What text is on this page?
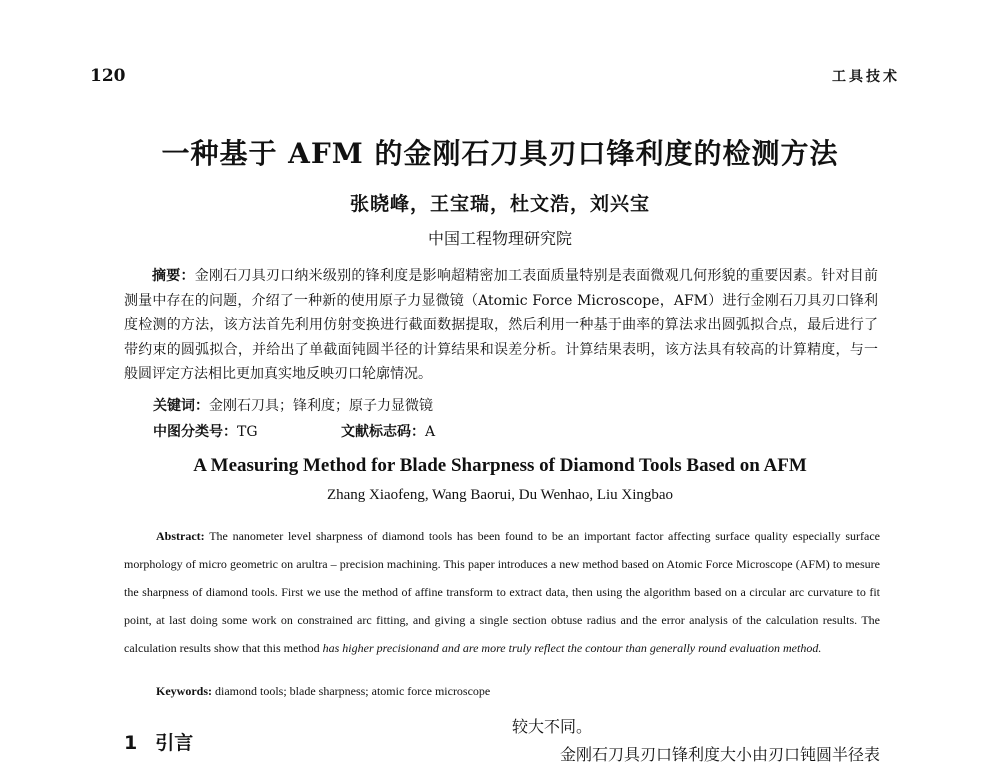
120	工具技术
一种基于 AFM 的金刚石刀具刃口锋利度的检测方法
张晓峰，王宝瑞，杜文浩，刘兴宝
中国工程物理研究院
摘要：金刚石刀具刃口纳米级别的锋利度是影响超精密加工表面质量特别是表面微观几何形貌的重要因素。针对目前测量中存在的问题，介绍了一种新的使用原子力显微镜（Atomic Force Microscope，AFM）进行金刚石刀具刃口锋利度检测的方法，该方法首先利用仿射变换进行截面数据提取，然后利用一种基于曲率的算法求出圆弧拟合点，最后进行了带约束的圆弧拟合，并给出了单截面钝圆半径的计算结果和误差分析。计算结果表明，该方法具有较高的计算精度，与一般圆评定方法相比更加真实地反映刃口轮廓情况。
关键词：金刚石刀具；锋利度；原子力显微镜
中图分类号：TG	文献标志码：A
A Measuring Method for Blade Sharpness of Diamond Tools Based on AFM
Zhang Xiaofeng, Wang Baorui, Du Wenhao, Liu Xingbao
Abstract: The nanometer level sharpness of diamond tools has been found to be an important factor affecting surface quality especially surface morphology of micro geometric on arultra – precision machining. This paper introduces a new method based on Atomic Force Microscope (AFM) to mesure the sharpness of diamond tools. First we use the method of affine transform to extract data, then using the algorithm based on a circular arc curvature to fit point, at last doing some work on constrained arc fitting, and giving a single section obtuse radius and the error analysis of the calculation results. The calculation results show that this method has higher precisionand and are more truly reflect the contour than generally round evaluation method.
Keywords: diamond tools; blade sharpness; atomic force microscope
1 引言
较大不同。
金刚石刀具刃口锋利度大小由刃口钝圆半径表
